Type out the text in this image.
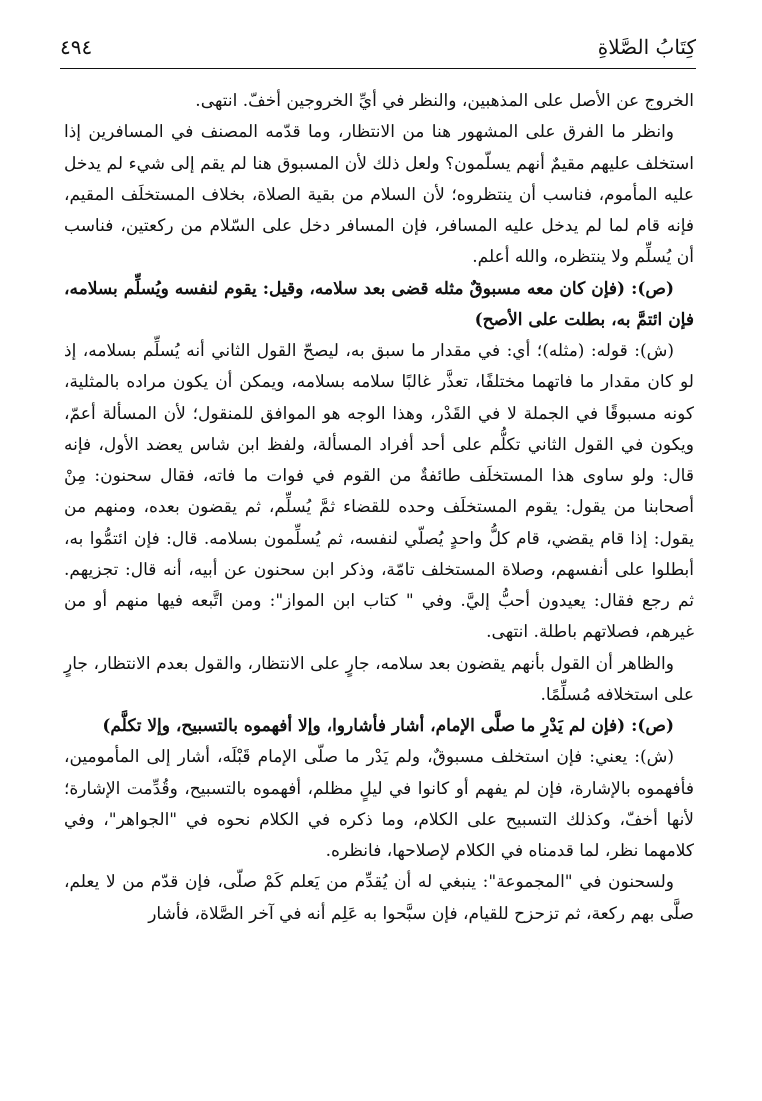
كِتَابُ الصَّلاةِ
٤٩٤

الخروج عن الأصل على المذهبين، والنظر في أيِّ الخروجين أخفّ. انتهى.

وانظر ما الفرق على المشهور هنا من الانتظار، وما قدّمه المصنف في المسافرين إذا استخلف عليهم مقيمٌ أنهم يسلّمون؟ ولعل ذلك لأن المسبوق هنا لم يقم إلى شيء لم يدخل عليه المأموم، فناسب أن ينتظروه؛ لأن السلام من بقية الصلاة، بخلاف المستخلَف المقيم، فإنه قام لما لم يدخل عليه المسافر، فإن المسافر دخل على السّلام من ركعتين، فناسب أن يُسلِّم ولا ينتظره، والله أعلم.

(ص): (فإن كان معه مسبوقٌ مثله قضى بعد سلامه، وقيل: يقوم لنفسه ويُسلِّم بسلامه، فإن ائتمَّ به، بطلت على الأصح)

(ش): قوله: (مثله)؛ أي: في مقدار ما سبق به، ليصحّ القول الثاني أنه يُسلِّم بسلامه، إذ لو كان مقدار ما فاتهما مختلفًا، تعذَّر غالبًا سلامه بسلامه، ويمكن أن يكون مراده بالمثلية، كونه مسبوقًا في الجملة لا في القَدْر، وهذا الوجه هو الموافق للمنقول؛ لأن المسألة أعمّ، ويكون في القول الثاني تكلُّم على أحد أفراد المسألة، ولفظ ابن شاس يعضد الأول، فإنه قال: ولو ساوى هذا المستخلَف طائفةٌ من القوم في فوات ما فاته، فقال سحنون: مِنْ أصحابنا من يقول: يقوم المستخلَف وحده للقضاء ثمَّ يُسلِّم، ثم يقضون بعده، ومنهم من يقول: إذا قام يقضي، قام كلُّ واحدٍ يُصلّي لنفسه، ثم يُسلِّمون بسلامه. قال: فإن ائتمُّوا به، أبطلوا على أنفسهم، وصلاة المستخلف تامّة، وذكر ابن سحنون عن أبيه، أنه قال: تجزيهم. ثم رجع فقال: يعيدون أحبُّ إليَّ. وفي " كتاب ابن المواز": ومن اتَّبعه فيها منهم أو من غيرهم، فصلاتهم باطلة. انتهى.

والظاهر أن القول بأنهم يقضون بعد سلامه، جارٍ على الانتظار، والقول بعدم الانتظار، جارٍ على استخلافه مُسلِّمًا.

(ص): (فإن لم يَدْرِ ما صلَّى الإمام، أشار فأشاروا، وإلا أفهموه بالتسبيح، وإلا تكلَّم)

(ش): يعني: فإن استخلف مسبوقٌ، ولم يَدْر ما صلّى الإمام قَبْلَه، أشار إلى المأمومين، فأفهموه بالإشارة، فإن لم يفهم أو كانوا في ليلٍ مظلم، أفهموه بالتسبيح، وقُدِّمت الإشارة؛ لأنها أخفّ، وكذلك التسبيح على الكلام، وما ذكره في الكلام نحوه في "الجواهر"، وفي كلامهما نظر، لما قدمناه في الكلام لإصلاحها، فانظره.

ولسحنون في "المجموعة": ينبغي له أن يُقدِّم من يَعلم كَمْ صلّى، فإن قدّم من لا يعلم، صلَّى بهم ركعة، ثم تزحزح للقيام، فإن سبَّحوا به عَلِم أنه في آخر الصَّلاة، فأشار
